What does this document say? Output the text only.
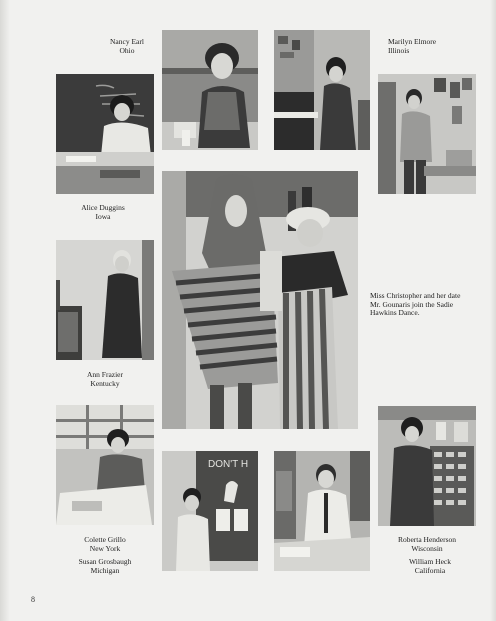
Nancy Earl
Ohio
Marilyn Elmore
Illinois
Alice Duggins
Iowa
Miss Christopher and her date
Mr. Gounaris join the Sadie
Hawkins Dance.
Ann Frazier
Kentucky
DON'T H
Colette Grillo
New York
Roberta Henderson
Wisconsin
Susan Grosbaugh
Michigan
William Heck
California
8
